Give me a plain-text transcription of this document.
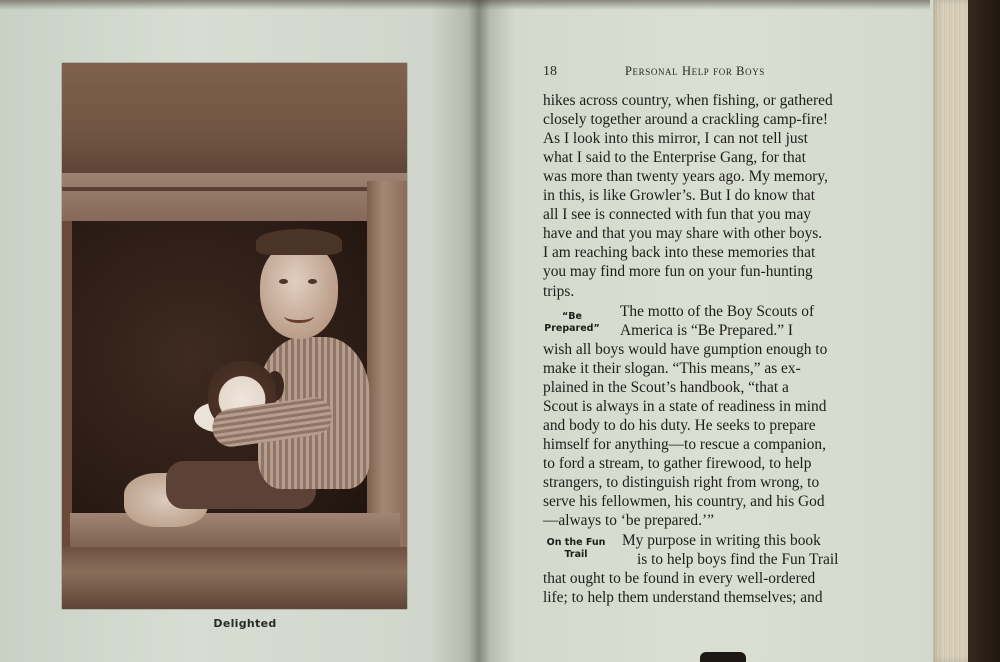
Delighted
18	Personal Help for Boys
hikes across country, when fishing, or gathered
closely together around a crackling camp-fire!
As I look into this mirror, I can not tell just
what I said to the Enterprise Gang, for that
was more than twenty years ago. My memory,
in this, is like Growler’s. But I do know that
all I see is connected with fun that you may
have and that you may share with other boys.
I am reaching back into these memories that
you may find more fun on your fun-hunting
trips.
“Be
Prepared”
The motto of the Boy Scouts of
America is “Be Prepared.” I
wish all boys would have gumption enough to
make it their slogan. “This means,” as ex-
plained in the Scout’s handbook, “that a
Scout is always in a state of readiness in mind
and body to do his duty. He seeks to prepare
himself for anything—to rescue a companion,
to ford a stream, to gather firewood, to help
strangers, to distinguish right from wrong, to
serve his fellowmen, his country, and his God
—always to ‘be prepared.’”
On the Fun
Trail
My purpose in writing this book
is to help boys find the Fun Trail
that ought to be found in every well-ordered
life; to help them understand themselves; and
